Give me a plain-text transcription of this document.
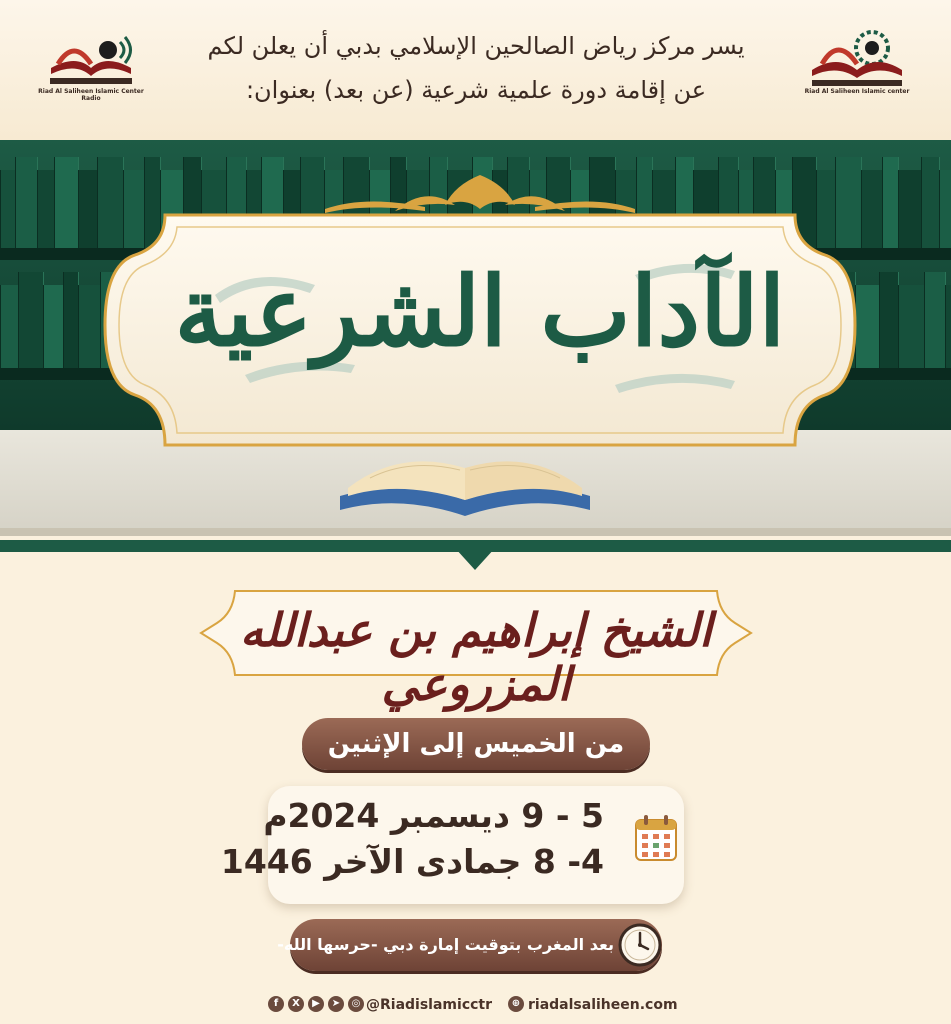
Riad Al Saliheen Islamic Center Radio
Riad Al Saliheen Islamic center
يسر مركز رياض الصالحين الإسلامي بدبي أن يعلن لكم
عن إقامة دورة علمية شرعية (عن بعد) بعنوان:
الآداب الشرعية
الشيخ إبراهيم بن عبدالله المزروعي
من الخميس إلى الإثنين
5 - 9 ديسمبر 2024م
4- 8 جمادى الآخر 1446
بعد المغرب بتوقيت إمارة دبي -حرسها الله-
f	X	▶	➤	◎ @Riadislamicctr	⊕ riadalsaliheen.com
